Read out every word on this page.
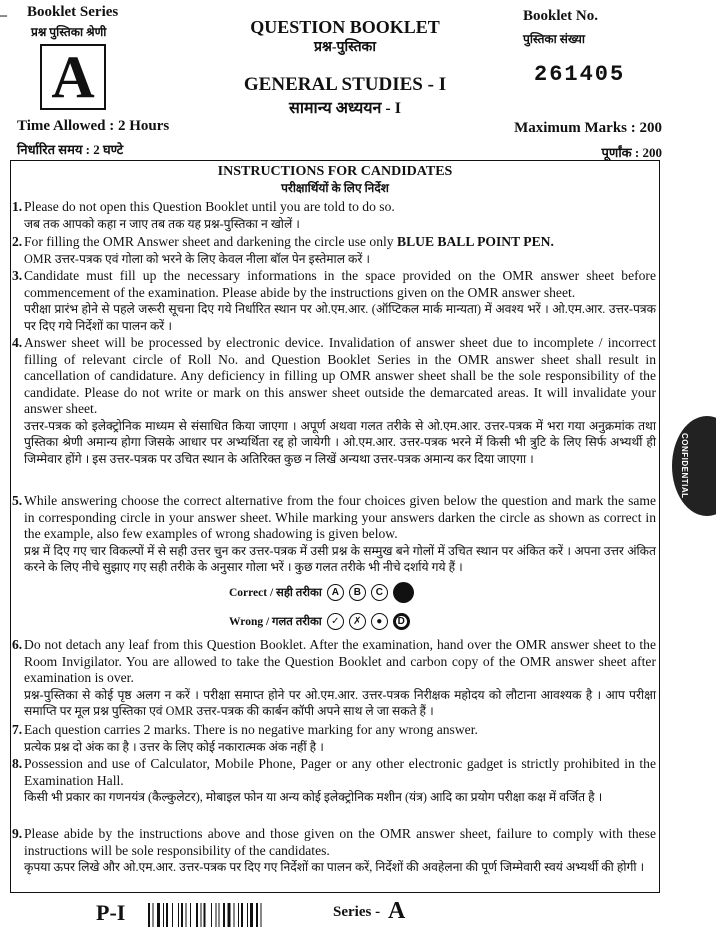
– Booklet Series
प्रश्न पुस्तिका श्रेणी
A
QUESTION BOOKLET
प्रश्न-पुस्तिका
GENERAL STUDIES - I
सामान्य अध्ययन - I
Booklet No.
पुस्तिका संख्या
261405
Time Allowed : 2 Hours
निर्धारित समय : 2 घण्टे
Maximum Marks : 200
पूर्णांक : 200
INSTRUCTIONS FOR CANDIDATES
परीक्षार्थियों के लिए निर्देश
1. Please do not open this Question Booklet until you are told to do so.

जब तक आपको कहा न जाए तब तक यह प्रश्न-पुस्तिका न खोलें ।

2. For filling the OMR Answer sheet and darkening the circle use only BLUE BALL POINT PEN.

OMR उत्तर-पत्रक एवं गोला को भरने के लिए केवल नीला बॉल पेन इस्तेमाल करें ।

3. Candidate must fill up the necessary informations in the space provided on the OMR answer sheet before commencement of the examination. Please abide by the instructions given on the OMR answer sheet.

परीक्षा प्रारंभ होने से पहले जरूरी सूचना दिए गये निर्धारित स्थान पर ओ.एम.आर. (ऑप्टिकल मार्क मान्यता) में अवश्य भरें । ओ.एम.आर. उत्तर-पत्रक पर दिए गये निर्देशों का पालन करें ।

4. Answer sheet will be processed by electronic device. Invalidation of answer sheet due to incomplete / incorrect filling of relevant circle of Roll No. and Question Booklet Series in the OMR answer sheet shall result in cancellation of candidature. Any deficiency in filling up OMR answer sheet shall be the sole responsibility of the candidate. Please do not write or mark on this answer sheet outside the demarcated areas. It will invalidate your answer sheet.

उत्तर-पत्रक को इलेक्ट्रोनिक माध्यम से संसाधित किया जाएगा । अपूर्ण अथवा गलत तरीके से ओ.एम.आर. उत्तर-पत्रक में भरा गया अनुक्रमांक तथा पुस्तिका श्रेणी अमान्य होगा जिसके आधार पर अभ्यर्थिता रद्द हो जायेगी । ओ.एम.आर. उत्तर-पत्रक भरने में किसी भी त्रुटि के लिए सिर्फ अभ्यर्थी ही जिम्मेवार होंगे । इस उत्तर-पत्रक पर उचित स्थान के अतिरिक्त कुछ न लिखें अन्यथा उत्तर-पत्रक अमान्य कर दिया जाएगा ।

5. While answering choose the correct alternative from the four choices given below the question and mark the same in corresponding circle in your answer sheet. While marking your answers darken the circle as shown as correct in the example, also few examples of wrong shadowing is given below.

प्रश्न में दिए गए चार विकल्पों में से सही उत्तर चुन कर उत्तर-पत्रक में उसी प्रश्न के सम्मुख बने गोलों में उचित स्थान पर अंकित करें । अपना उत्तर अंकित करने के लिए नीचे सुझाए गए सही तरीके के अनुसार गोला भरें । कुछ गलत तरीके भी नीचे दर्शाये गये हैं ।

Correct / सही तरीका A	B	C
Wrong / गलत तरीका ✓	✗	●	D
6. Do not detach any leaf from this Question Booklet. After the examination, hand over the OMR answer sheet to the Room Invigilator. You are allowed to take the Question Booklet and carbon copy of the OMR answer sheet after examination is over.

प्रश्न-पुस्तिका से कोई पृष्ठ अलग न करें । परीक्षा समाप्त होने पर ओ.एम.आर. उत्तर-पत्रक निरीक्षक महोदय को लौटाना आवश्यक है । आप परीक्षा समाप्ति पर मूल प्रश्न पुस्तिका एवं OMR उत्तर-पत्रक की कार्बन कॉपी अपने साथ ले जा सकते हैं ।

7. Each question carries 2 marks. There is no negative marking for any wrong answer.

प्रत्येक प्रश्न दो अंक का है । उत्तर के लिए कोई नकारात्मक अंक नहीं है ।

8. Possession and use of Calculator, Mobile Phone, Pager or any other electronic gadget is strictly prohibited in the Examination Hall.

किसी भी प्रकार का गणनयंत्र (कैल्कुलेटर), मोबाइल फोन या अन्य कोई इलेक्ट्रोनिक मशीन (यंत्र) आदि का प्रयोग परीक्षा कक्ष में वर्जित है ।

9. Please abide by the instructions above and those given on the OMR answer sheet, failure to comply with these instructions will be sole responsibility of the candidates.

कृपया ऊपर लिखे और ओ.एम.आर. उत्तर-पत्रक पर दिए गए निर्देशों का पालन करें, निर्देशों की अवहेलना की पूर्ण जिम्मेवारी स्वयं अभ्यर्थी की होगी ।

CONFIDENTIAL
P-I	Series - A
